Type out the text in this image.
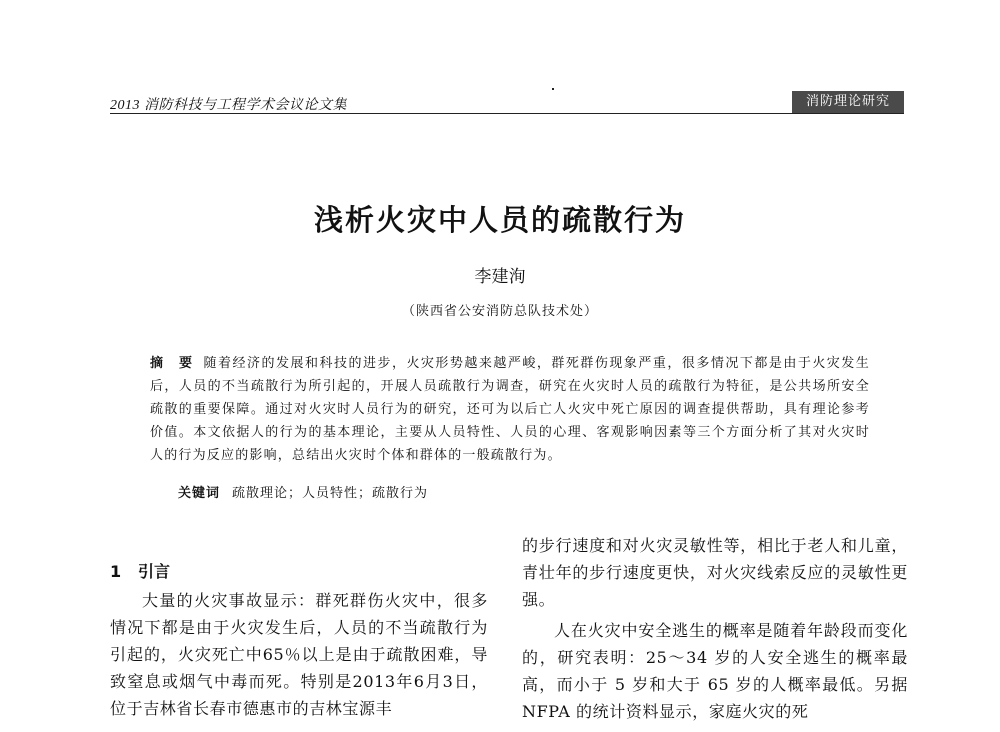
2013 消防科技与工程学术会议论文集	消防理论研究
浅析火灾中人员的疏散行为
李建洵
（陕西省公安消防总队技术处）
摘　要 随着经济的发展和科技的进步，火灾形势越来越严峻，群死群伤现象严重，很多情况下都是由于火灾发生后，人员的不当疏散行为所引起的，开展人员疏散行为调查，研究在火灾时人员的疏散行为特征，是公共场所安全疏散的重要保障。通过对火灾时人员行为的研究，还可为以后亡人火灾中死亡原因的调查提供帮助，具有理论参考价值。本文依据人的行为的基本理论，主要从人员特性、人员的心理、客观影响因素等三个方面分析了其对火灾时人的行为反应的影响，总结出火灾时个体和群体的一般疏散行为。
关键词 疏散理论；人员特性；疏散行为
1 引言
大量的火灾事故显示：群死群伤火灾中，很多情况下都是由于火灾发生后，人员的不当疏散行为引起的，火灾死亡中65％以上是由于疏散困难，导致窒息或烟气中毒而死。特别是2013年6月3日，位于吉林省长春市德惠市的吉林宝源丰
的步行速度和对火灾灵敏性等，相比于老人和儿童，青壮年的步行速度更快，对火灾线索反应的灵敏性更强。
人在火灾中安全逃生的概率是随着年龄段而变化的，研究表明：25～34 岁的人安全逃生的概率最高，而小于 5 岁和大于 65 岁的人概率最低。另据 NFPA 的统计资料显示，家庭火灾的死
